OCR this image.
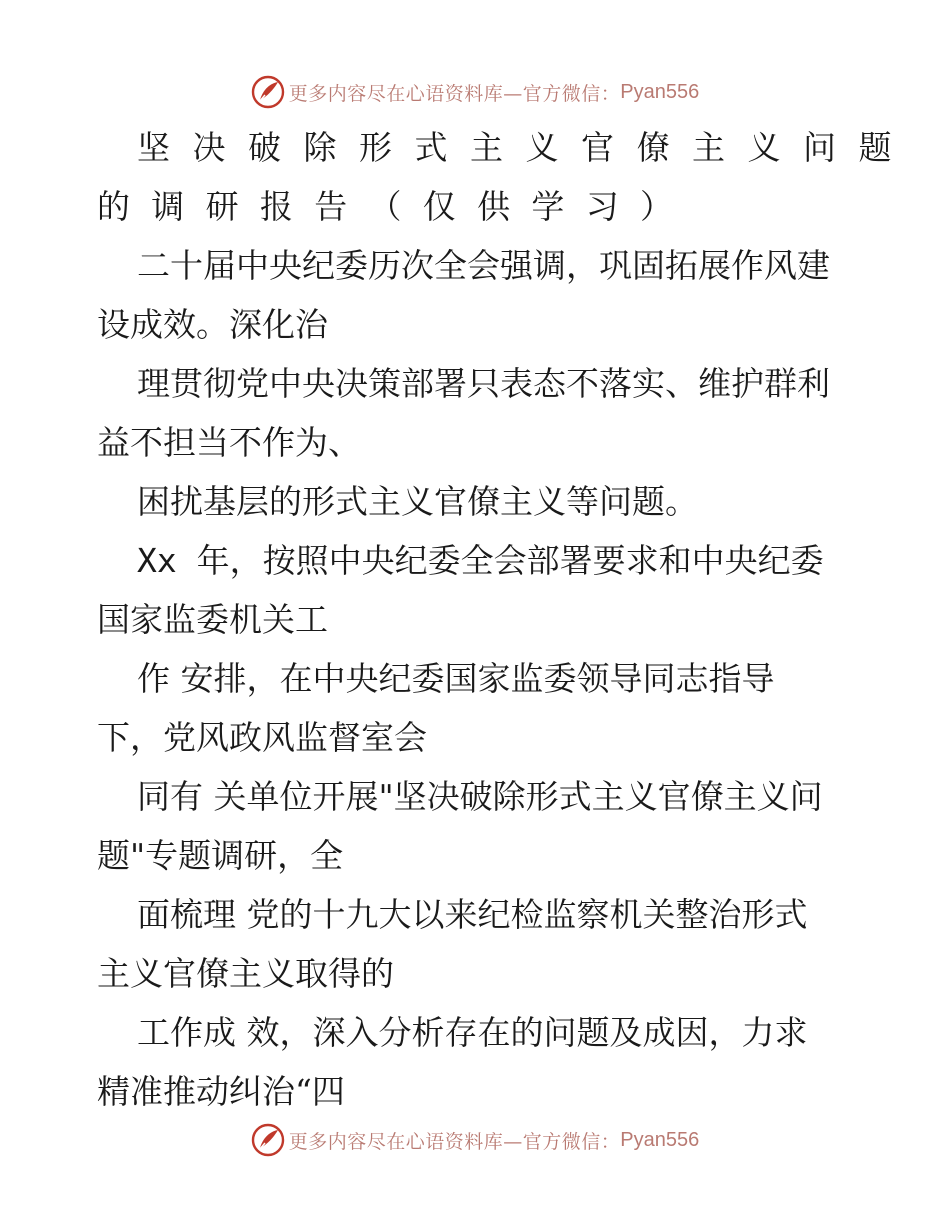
更多内容尽在心语资料库—官方微信： Pyan556
坚决破除形式主义官僚主义问题
的调研报告（仅供学习）
二十届中央纪委历次全会强调，巩固拓展作风建
设成效。深化治
理贯彻党中央决策部署只表态不落实、维护群利
益不担当不作为、
困扰基层的形式主义官僚主义等问题。
Xx 年，按照中央纪委全会部署要求和中央纪委
国家监委机关工
作 安排，在中央纪委国家监委领导同志指导
下，党风政风监督室会
同有 关单位开展"坚决破除形式主义官僚主义问
题"专题调研，全
面梳理 党的十九大以来纪检监察机关整治形式
主义官僚主义取得的
工作成 效，深入分析存在的问题及成因，力求
精准推动纠治“四
更多内容尽在心语资料库—官方微信： Pyan556
